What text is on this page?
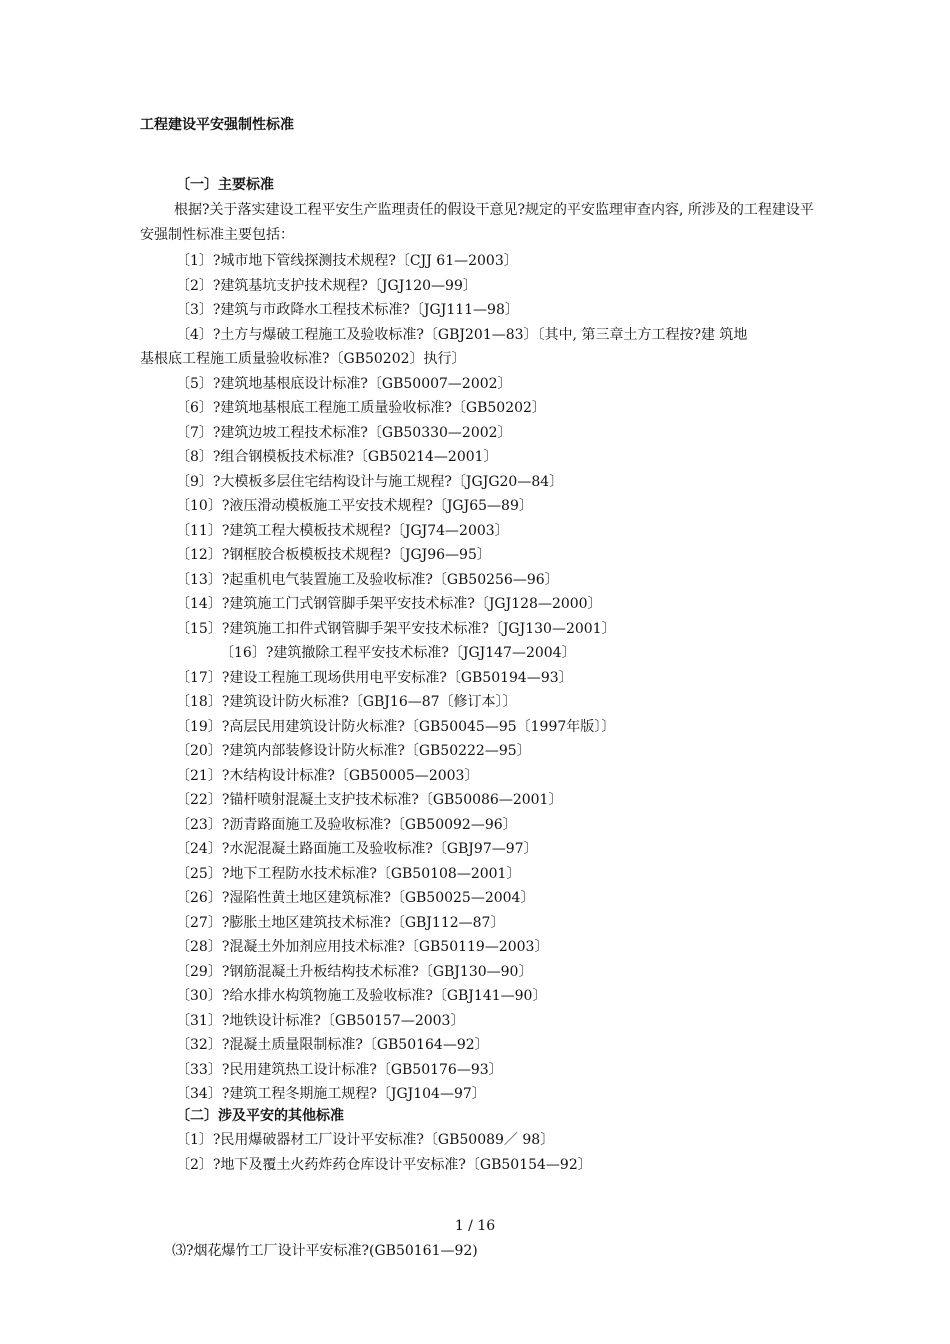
工程建设平安强制性标准
〔一〕主要标准
根据?关于落实建设工程平安生产监理责任的假设干意见?规定的平安监理审查内容, 所涉及的工程建设平安强制性标准主要包括：
〔1〕?城市地下管线探测技术规程?〔CJJ 61—2003〕
〔2〕?建筑基坑支护技术规程?〔JGJ120—99〕
〔3〕?建筑与市政降水工程技术标准?〔JGJ111—98〕
〔4〕?土方与爆破工程施工及验收标准?〔GBJ201—83〕〔其中, 第三章土方工程按?建 筑地
基根底工程施工质量验收标准?〔GB50202〕执行〕
〔5〕?建筑地基根底设计标准?〔GB50007—2002〕
〔6〕?建筑地基根底工程施工质量验收标准?〔GB50202〕
〔7〕?建筑边坡工程技术标准?〔GB50330—2002〕
〔8〕?组合钢模板技术标准?〔GB50214—2001〕
〔9〕?大模板多层住宅结构设计与施工规程?〔JGJG20—84〕
〔10〕?液压滑动模板施工平安技术规程?〔JGJ65—89〕
〔11〕?建筑工程大模板技术规程?〔JGJ74—2003〕
〔12〕?钢框胶合板模板技术规程?〔JGJ96—95〕
〔13〕?起重机电气装置施工及验收标准?〔GB50256—96〕
〔14〕?建筑施工门式钢管脚手架平安技术标准?〔JGJ128—2000〕
〔15〕?建筑施工扣件式钢管脚手架平安技术标准?〔JGJ130—2001〕
〔16〕?建筑撤除工程平安技术标准?〔JGJ147—2004〕
〔17〕?建设工程施工现场供用电平安标准?〔GB50194—93〕
〔18〕?建筑设计防火标准?〔GBJ16—87〔修订本〕〕
〔19〕?高层民用建筑设计防火标准?〔GB50045—95〔1997年版〕〕
〔20〕?建筑内部装修设计防火标准?〔GB50222—95〕
〔21〕?木结构设计标准?〔GB50005—2003〕
〔22〕?锚杆喷射混凝土支护技术标准?〔GB50086—2001〕
〔23〕?沥青路面施工及验收标准?〔GB50092—96〕
〔24〕?水泥混凝土路面施工及验收标准?〔GBJ97—97〕
〔25〕?地下工程防水技术标准?〔GB50108—2001〕
〔26〕?湿陷性黄土地区建筑标准?〔GB50025—2004〕
〔27〕?膨胀土地区建筑技术标准?〔GBJ112—87〕
〔28〕?混凝土外加剂应用技术标准?〔GB50119—2003〕
〔29〕?钢筋混凝土升板结构技术标准?〔GBJ130—90〕
〔30〕?给水排水构筑物施工及验收标准?〔GBJ141—90〕
〔31〕?地铁设计标准?〔GB50157—2003〕
〔32〕?混凝土质量限制标准?〔GB50164—92〕
〔33〕?民用建筑热工设计标准?〔GB50176—93〕
〔34〕?建筑工程冬期施工规程?〔JGJ104—97〕
〔二〕涉及平安的其他标准
〔1〕?民用爆破器材工厂设计平安标准?〔GB50089／ 98〕
〔2〕?地下及覆土火药炸药仓库设计平安标准?〔GB50154—92〕
1 / 16
⑶?烟花爆竹工厂设计平安标准?(GB50161—92)
